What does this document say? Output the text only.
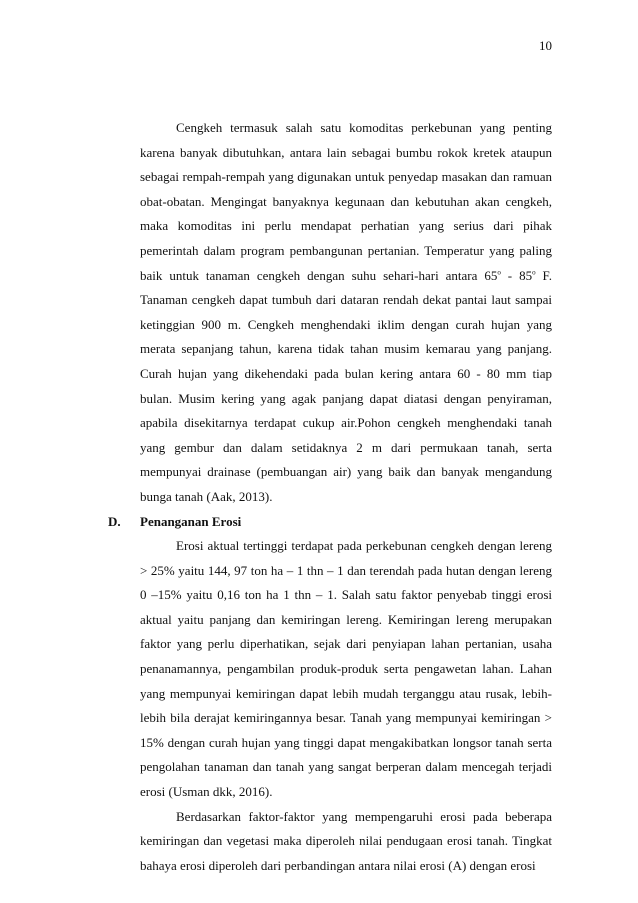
10

Cengkeh termasuk salah satu komoditas perkebunan yang penting karena banyak dibutuhkan, antara lain sebagai bumbu rokok kretek ataupun sebagai rempah-rempah yang digunakan untuk penyedap masakan dan ramuan obat-obatan. Mengingat banyaknya kegunaan dan kebutuhan akan cengkeh, maka komoditas ini perlu mendapat perhatian yang serius dari pihak pemerintah dalam program pembangunan pertanian. Temperatur yang paling baik untuk tanaman cengkeh dengan suhu sehari-hari antara 65$^o$ - 85$^o$ F. Tanaman cengkeh dapat tumbuh dari dataran rendah dekat pantai laut sampai ketinggian 900 m. Cengkeh menghendaki iklim dengan curah hujan yang merata sepanjang tahun, karena tidak tahan musim kemarau yang panjang. Curah hujan yang dikehendaki pada bulan kering antara 60 - 80 mm tiap bulan. Musim kering yang agak panjang dapat diatasi dengan penyiraman, apabila disekitarnya terdapat cukup air.Pohon cengkeh menghendaki tanah yang gembur dan dalam setidaknya 2 m dari permukaan tanah, serta mempunyai drainase (pembuangan air) yang baik dan banyak mengandung bunga tanah (Aak, 2013).

D. Penanganan Erosi

Erosi aktual tertinggi terdapat pada perkebunan cengkeh dengan lereng > 25% yaitu 144, 97 ton ha – 1 thn – 1 dan terendah pada hutan dengan lereng 0 –15% yaitu 0,16 ton ha 1 thn – 1. Salah satu faktor penyebab tinggi erosi aktual yaitu panjang dan kemiringan lereng. Kemiringan lereng merupakan faktor yang perlu diperhatikan, sejak dari penyiapan lahan pertanian, usaha penanamannya, pengambilan produk-produk serta pengawetan lahan. Lahan yang mempunyai kemiringan dapat lebih mudah terganggu atau rusak, lebih-lebih bila derajat kemiringannya besar. Tanah yang mempunyai kemiringan > 15% dengan curah hujan yang tinggi dapat mengakibatkan longsor tanah serta pengolahan tanaman dan tanah yang sangat berperan dalam mencegah terjadi erosi (Usman dkk, 2016).

Berdasarkan faktor-faktor yang mempengaruhi erosi pada beberapa kemiringan dan vegetasi maka diperoleh nilai pendugaan erosi tanah. Tingkat bahaya erosi diperoleh dari perbandingan antara nilai erosi (A) dengan erosi
